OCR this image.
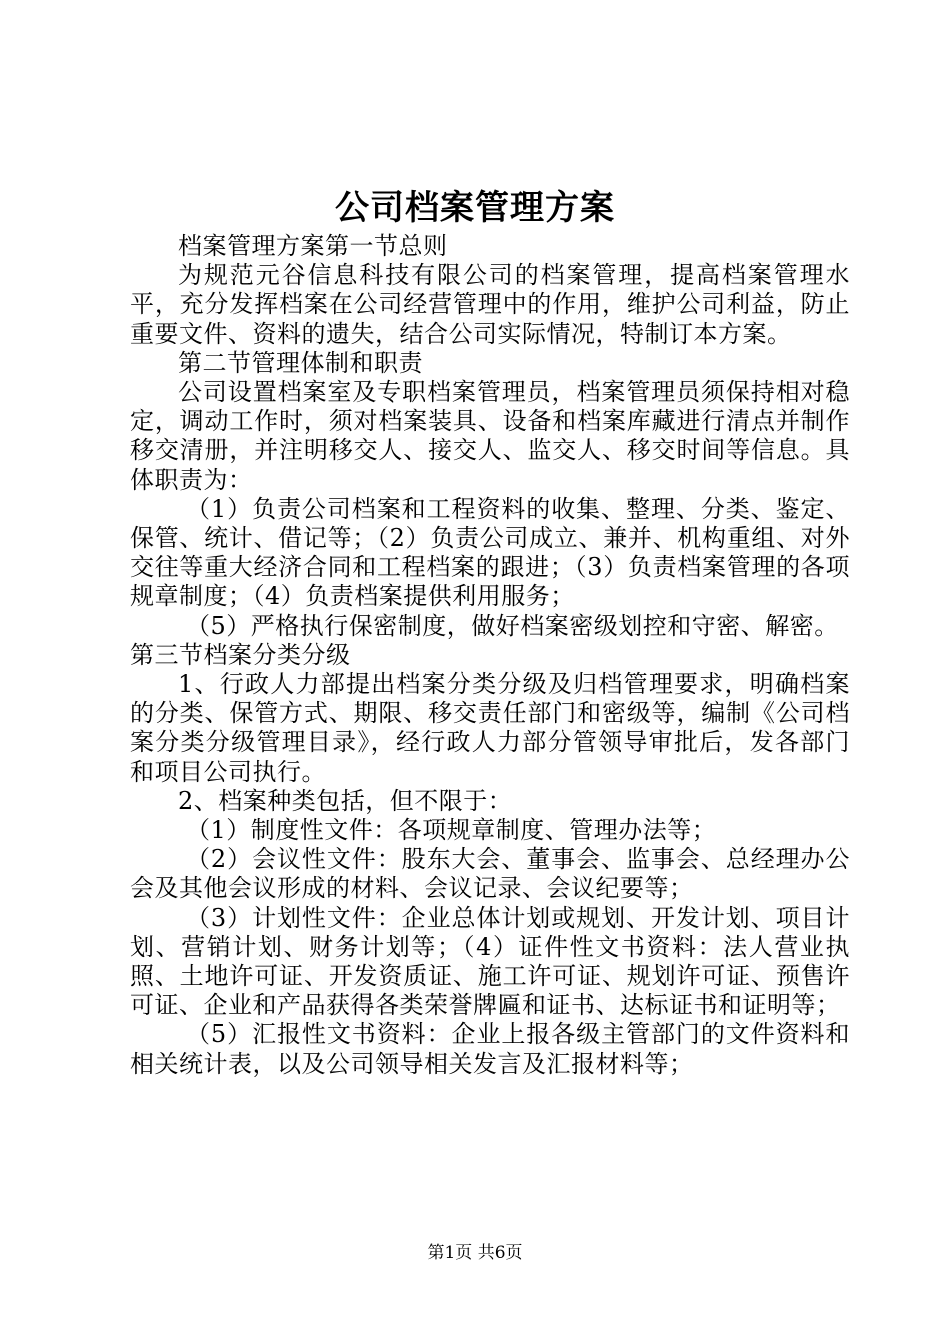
公司档案管理方案

档案管理方案第一节总则

为规范元谷信息科技有限公司的档案管理，提高档案管理水平，充分发挥档案在公司经营管理中的作用，维护公司利益，防止重要文件、资料的遗失，结合公司实际情况，特制订本方案。

第二节管理体制和职责

公司设置档案室及专职档案管理员，档案管理员须保持相对稳定，调动工作时，须对档案装具、设备和档案库藏进行清点并制作移交清册，并注明移交人、接交人、监交人、移交时间等信息。具体职责为：

（1）负责公司档案和工程资料的收集、整理、分类、鉴定、保管、统计、借记等；（2）负责公司成立、兼并、机构重组、对外交往等重大经济合同和工程档案的跟进；（3）负责档案管理的各项规章制度；（4）负责档案提供利用服务；

（5）严格执行保密制度，做好档案密级划控和守密、解密。

第三节档案分类分级

1、行政人力部提出档案分类分级及归档管理要求，明确档案的分类、保管方式、期限、移交责任部门和密级等，编制《公司档案分类分级管理目录》，经行政人力部分管领导审批后，发各部门和项目公司执行。

2、档案种类包括，但不限于：

（1）制度性文件：各项规章制度、管理办法等；

（2）会议性文件：股东大会、董事会、监事会、总经理办公会及其他会议形成的材料、会议记录、会议纪要等；

（3）计划性文件：企业总体计划或规划、开发计划、项目计划、营销计划、财务计划等；（4）证件性文书资料：法人营业执照、土地许可证、开发资质证、施工许可证、规划许可证、预售许可证、企业和产品获得各类荣誉牌匾和证书、达标证书和证明等；

（5）汇报性文书资料：企业上报各级主管部门的文件资料和相关统计表，以及公司领导相关发言及汇报材料等；

第1页 共6页
